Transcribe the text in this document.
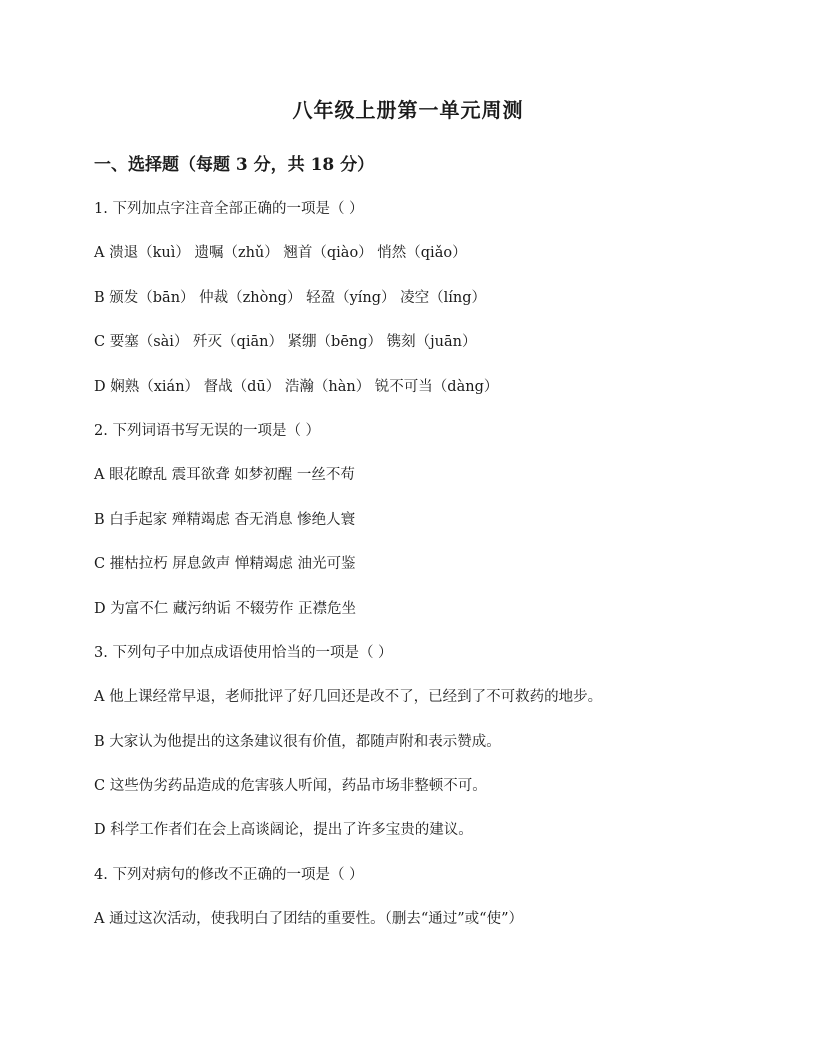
八年级上册第一单元周测
一、选择题（每题 3 分，共 18 分）
1. 下列加点字注音全部正确的一项是（ ）
A 溃退（kuì） 遗嘱（zhǔ） 翘首（qiào） 悄然（qiǎo）
B 颁发（bān） 仲裁（zhòng） 轻盈（yíng） 凌空（líng）
C 要塞（sài） 歼灭（qiān） 紧绷（bēng） 镌刻（juān）
D 娴熟（xián） 督战（dū） 浩瀚（hàn） 锐不可当（dàng）
2. 下列词语书写无误的一项是（ ）
A 眼花瞭乱 震耳欲聋 如梦初醒 一丝不苟
B 白手起家 殚精竭虑 杳无消息 惨绝人寰
C 摧枯拉朽 屏息敛声 惮精竭虑 油光可鉴
D 为富不仁 藏污纳诟 不辍劳作 正襟危坐
3. 下列句子中加点成语使用恰当的一项是（ ）
A 他上课经常早退，老师批评了好几回还是改不了，已经到了不可救药的地步。
B 大家认为他提出的这条建议很有价值，都随声附和表示赞成。
C 这些伪劣药品造成的危害骇人听闻，药品市场非整顿不可。
D 科学工作者们在会上高谈阔论，提出了许多宝贵的建议。
4. 下列对病句的修改不正确的一项是（ ）
A 通过这次活动，使我明白了团结的重要性。（删去“通过”或“使”）
